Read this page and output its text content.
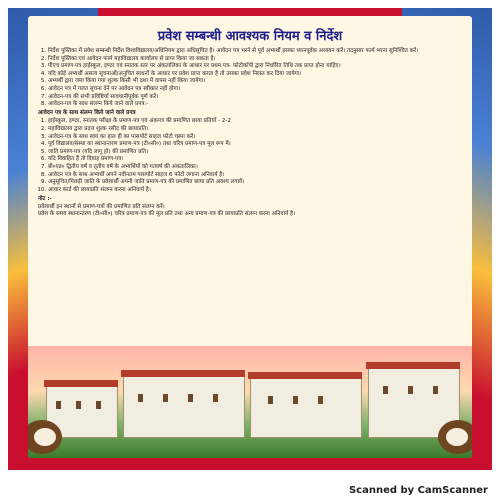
प्रवेश सम्बन्धी आवश्यक नियम व निर्देश
1. निर्देश पुस्तिका में प्रवेश सम्बन्धी निर्देश विश्वविद्यालय/अधिनियम द्वारा अधिसूचित है। आवेदन पत्र भरने से पूर्व अभ्यर्थी इसका ध्यानपूर्वक अध्ययन करें। तदनुसार फार्म भरना सुनिश्चित करें।
2. निर्देश पुस्तिका एवं आवेदन फार्म महाविद्यालय कार्यालय से प्राप्त किया जा सकता है।
3. पीएच प्रमाण-पत्र हाईस्कूल, इण्टर एवं स्नातक स्तर पर अंकतालिका के आधार पर प्रथम पत्र- फोटोकॉपी द्वारा निर्धारित तिथि तक प्राप्त होना चाहिए।
4. यदि कोई अभ्यर्थी असत्य सूचनाओं/अनुचित साधनों के आधार पर प्रवेश प्राप्त करता है तो उसका प्रवेश निरस्त कर दिया जायेगा।
5. अभ्यर्थी द्वारा जमा किया गया शुल्क किसी भी दशा में वापस नहीं किया जायेगा।
6. आवेदन पत्र में गलत सूचना देने पर आवेदन पत्र स्वीकार नहीं होगा।
7. आवेदन-पत्र की सभी प्रविष्टियाँ सावधानीपूर्वक पूर्ण करें।
8. आवेदन-पत्र के साथ संलग्न किये जाने वाले प्रपत्र:-
आवेदन पत्र के साथ संलग्न किये जाने वाले प्रपत्र
1. हाईस्कूल, इण्टर, स्नातक परीक्षा के प्रमाण-पत्र एवं अंकपत्र की प्रमाणित छाया प्रतियाँ - 2-2
2. महाविद्यालय द्वारा प्रदत्त शुल्क रसीद की छायाप्रति।
3. आवेदन-पत्र के साथ स्वयं का हाल ही का पासपोर्ट साइज फोटो चस्पा करें।
4. पूर्व विद्यालय/संस्था का स्थानान्तरण प्रमाण-पत्र (टी०सी०) तथा चरित्र प्रमाण-पत्र मूल रूप में।
5. जाति प्रमाण-पत्र (यदि लागू हो) की प्रमाणित प्रति।
6. यदि विवाहित हैं तो विवाह प्रमाण-पत्र।
7. बी०एड० द्वितीय वर्ष व तृतीय वर्ष के अभ्यर्थियों को गतवर्ष की अंकतालिका।
8. आवेदन पत्र के साथ अभ्यर्थी अपने नवीनतम पासपोर्ट साइज 6 फोटो लगाना अनिवार्य है।
9. अनुसूचित/पिछड़ी जाति के प्रवेशार्थी अपनी जाति प्रमाण-पत्र की प्रमाणित छाया प्रति अवश्य लगायें।
10. आधार कार्ड की छायाप्रति संलग्न करना अनिवार्य है।
नोट :-
प्रवेशार्थी इन स्थानों से प्रमाण-पत्रों की प्रमाणित प्रति संलग्न करें।
प्रवेश के समय स्थानान्तरण (टी०सी०) चरित्र प्रमाण-पत्र की मूल प्रति तथा अन्य प्रमाण-पत्र की छायाप्रति संलग्न करना अनिवार्य है।
Scanned by CamScanner
